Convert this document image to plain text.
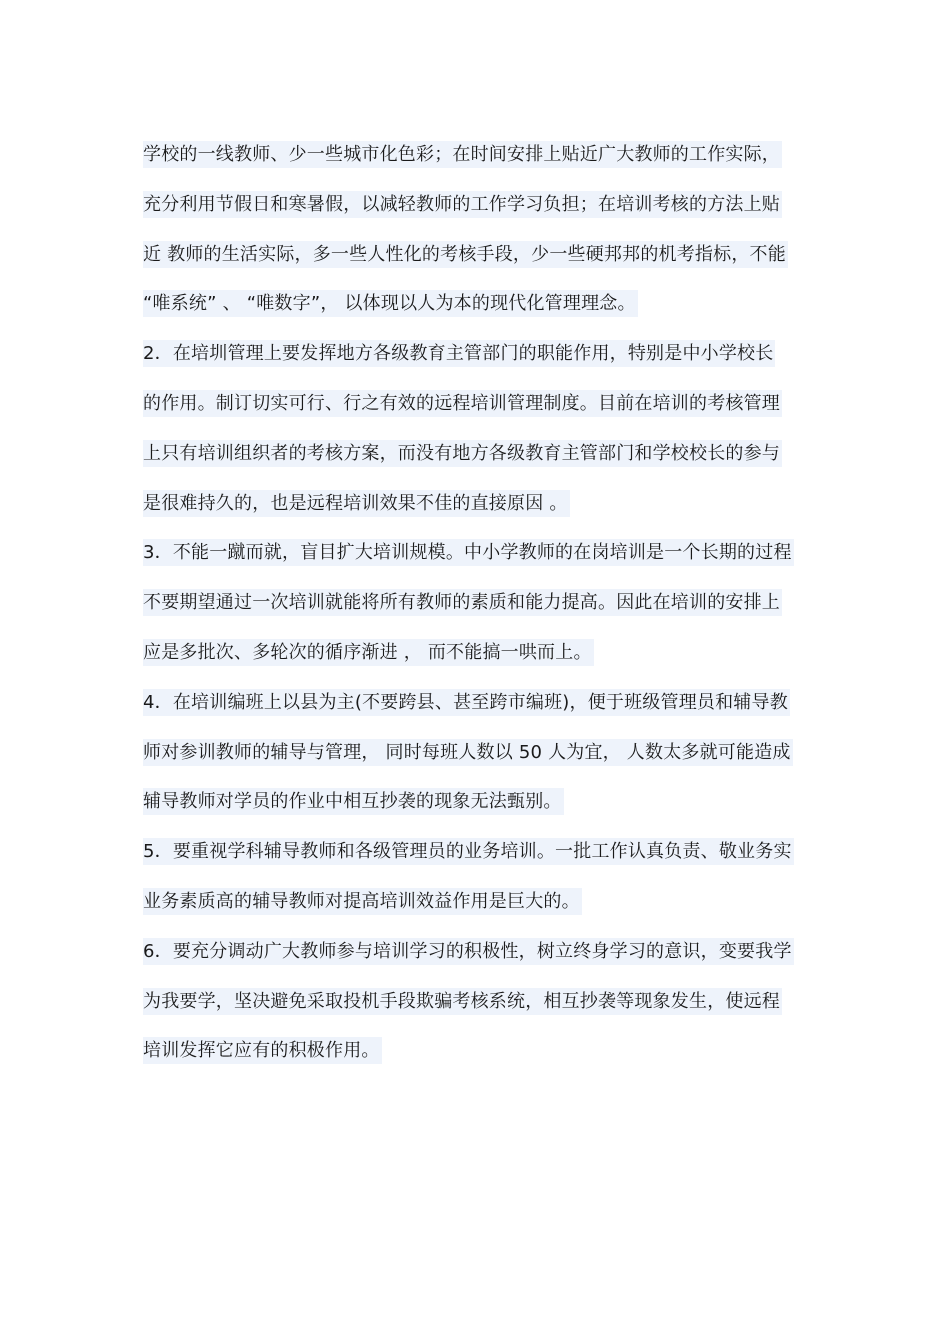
学校的一线教师、少一些城市化色彩；在时间安排上贴近广大教师的工作实际，
充分利用节假日和寒暑假，以减轻教师的工作学习负担；在培训考核的方法上贴
近 教师的生活实际，多一些人性化的考核手段，少一些硬邦邦的机考指标，不能
“唯系统” 、 “唯数字”， 以体现以人为本的现代化管理理念。
2．在培圳管理上要发挥地方各级教育主管部门的职能作用，特别是中小学校长
的作用。制订切实可行、行之有效的远程培训管理制度。目前在培训的考核管理
上只有培训组织者的考核方案，而没有地方各级教育主管部门和学校校长的参与
是很难持久的，也是远程培训效果不佳的直接原因 。
3．不能一蹴而就，盲目扩大培训规模。中小学教师的在岗培训是一个长期的过程
不要期望通过一次培训就能将所有教师的素质和能力提高。因此在培训的安排上
应是多批次、多轮次的循序渐进 ， 而不能搞一哄而上。
4．在培训编班上以县为主(不要跨县、甚至跨市编班)，便于班级管理员和辅导教
师对参训教师的辅导与管理， 同时每班人数以 50 人为宜， 人数太多就可能造成
辅导教师对学员的作业中相互抄袭的现象无法甄别。
5．要重视学科辅导教师和各级管理员的业务培训。一批工作认真负责、敬业务实
业务素质高的辅导教师对提高培训效益作用是巨大的。
6．要充分调动广大教师参与培训学习的积极性，树立终身学习的意识，变要我学
为我要学，坚决避免采取投机手段欺骗考核系统，相互抄袭等现象发生，使远程
培训发挥它应有的积极作用。
